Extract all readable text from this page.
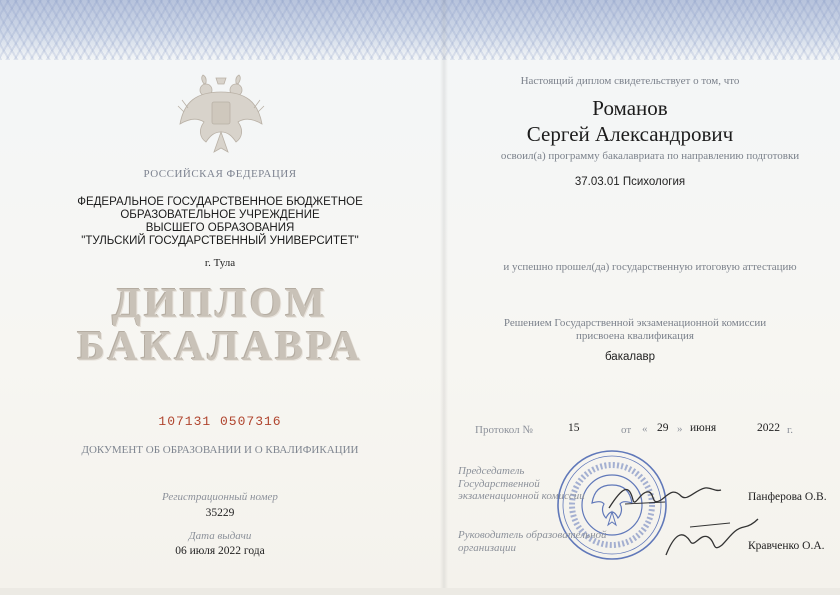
РОССИЙСКАЯ ФЕДЕРАЦИЯ
ФЕДЕРАЛЬНОЕ ГОСУДАРСТВЕННОЕ БЮДЖЕТНОЕ
ОБРАЗОВАТЕЛЬНОЕ УЧРЕЖДЕНИЕ
ВЫСШЕГО ОБРАЗОВАНИЯ
"ТУЛЬСКИЙ ГОСУДАРСТВЕННЫЙ УНИВЕРСИТЕТ"
г. Тула
ДИПЛОМ
БАКАЛАВРА
107131 0507316
ДОКУМЕНТ ОБ ОБРАЗОВАНИИ И О КВАЛИФИКАЦИИ
Регистрационный номер
35229
Дата выдачи
06 июля 2022 года
Настоящий диплом свидетельствует о том, что
Романов
Сергей Александрович
освоил(а) программу бакалавриата по направлению подготовки
37.03.01 Психология
и успешно прошел(да) государственную итоговую аттестацию
Решением Государственной экзаменационной комиссии
присвоена квалификация
бакалавр
Протокол №	15	от « 29 » июня	2022 г.
Председатель
Государственной
экзаменационной комиссии	Панферова О.В.
Руководитель образовательной
организации	Кравченко О.А.
